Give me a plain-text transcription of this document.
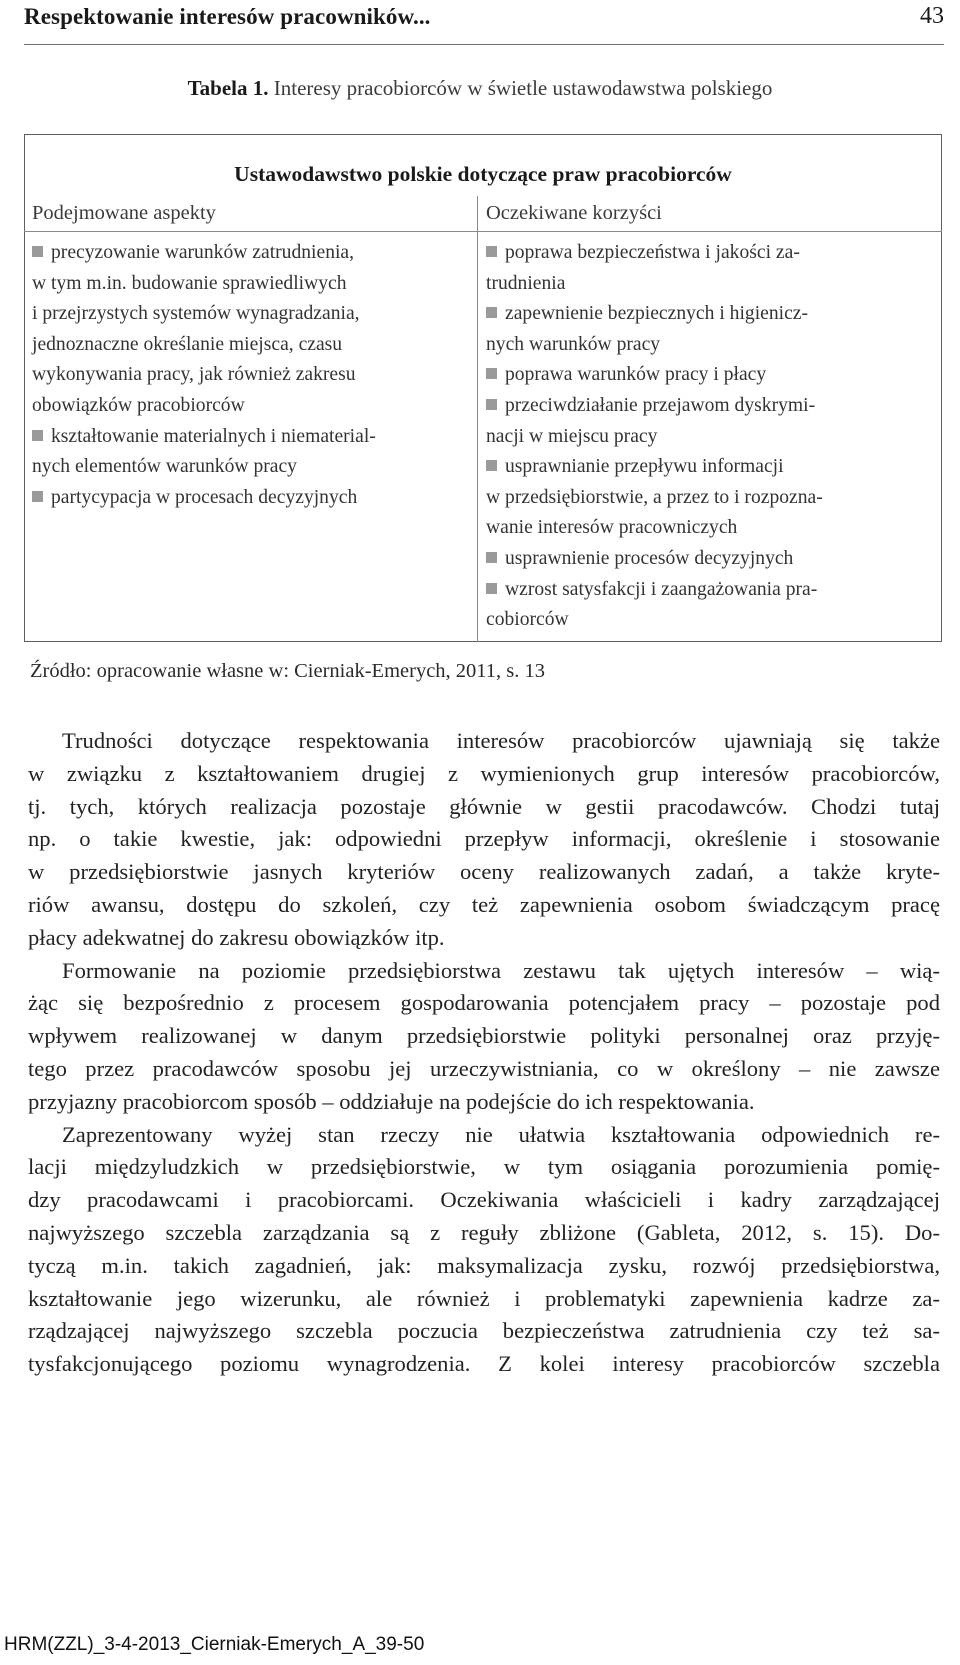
Respektowanie interesów pracowników...	43
Tabela 1. Interesy pracobiorców w świetle ustawodawstwa polskiego
Ustawodawstwo polskie dotyczące praw pracobiorców
Podejmowane aspekty	Oczekiwane korzyści
precyzowanie warunków zatrudnienia,
w tym m.in. budowanie sprawiedliwych
i przejrzystych systemów wynagradzania,
jednoznaczne określanie miejsca, czasu
wykonywania pracy, jak również zakresu
obowiązków pracobiorców
kształtowanie materialnych i niematerial-
nych elementów warunków pracy
partycypacja w procesach decyzyjnych
poprawa bezpieczeństwa i jakości za-
trudnienia
zapewnienie bezpiecznych i higienicz-
nych warunków pracy
poprawa warunków pracy i płacy
przeciwdziałanie przejawom dyskrymi-
nacji w miejscu pracy
usprawnianie przepływu informacji
w przedsiębiorstwie, a przez to i rozpozna-
wanie interesów pracowniczych
usprawnienie procesów decyzyjnych
wzrost satysfakcji i zaangażowania pra-
cobiorców
Źródło: opracowanie własne w: Cierniak-Emerych, 2011, s. 13
Trudności dotyczące respektowania interesów pracobiorców ujawniają się także
w związku z kształtowaniem drugiej z wymienionych grup interesów pracobiorców,
tj. tych, których realizacja pozostaje głównie w gestii pracodawców. Chodzi tutaj
np. o takie kwestie, jak: odpowiedni przepływ informacji, określenie i stosowanie
w przedsiębiorstwie jasnych kryteriów oceny realizowanych zadań, a także kryte-
riów awansu, dostępu do szkoleń, czy też zapewnienia osobom świadczącym pracę
płacy adekwatnej do zakresu obowiązków itp.
Formowanie na poziomie przedsiębiorstwa zestawu tak ujętych interesów – wią-
żąc się bezpośrednio z procesem gospodarowania potencjałem pracy – pozostaje pod
wpływem realizowanej w danym przedsiębiorstwie polityki personalnej oraz przyję-
tego przez pracodawców sposobu jej urzeczywistniania, co w określony – nie zawsze
przyjazny pracobiorcom sposób – oddziałuje na podejście do ich respektowania.
Zaprezentowany wyżej stan rzeczy nie ułatwia kształtowania odpowiednich re-
lacji międzyludzkich w przedsiębiorstwie, w tym osiągania porozumienia pomię-
dzy pracodawcami i pracobiorcami. Oczekiwania właścicieli i kadry zarządzającej
najwyższego szczebla zarządzania są z reguły zbliżone (Gableta, 2012, s. 15). Do-
tyczą m.in. takich zagadnień, jak: maksymalizacja zysku, rozwój przedsiębiorstwa,
kształtowanie jego wizerunku, ale również i problematyki zapewnienia kadrze za-
rządzającej najwyższego szczebla poczucia bezpieczeństwa zatrudnienia czy też sa-
tysfakcjonującego poziomu wynagrodzenia. Z kolei interesy pracobiorców szczebla
HRM(ZZL)_3-4-2013_Cierniak-Emerych_A_39-50
